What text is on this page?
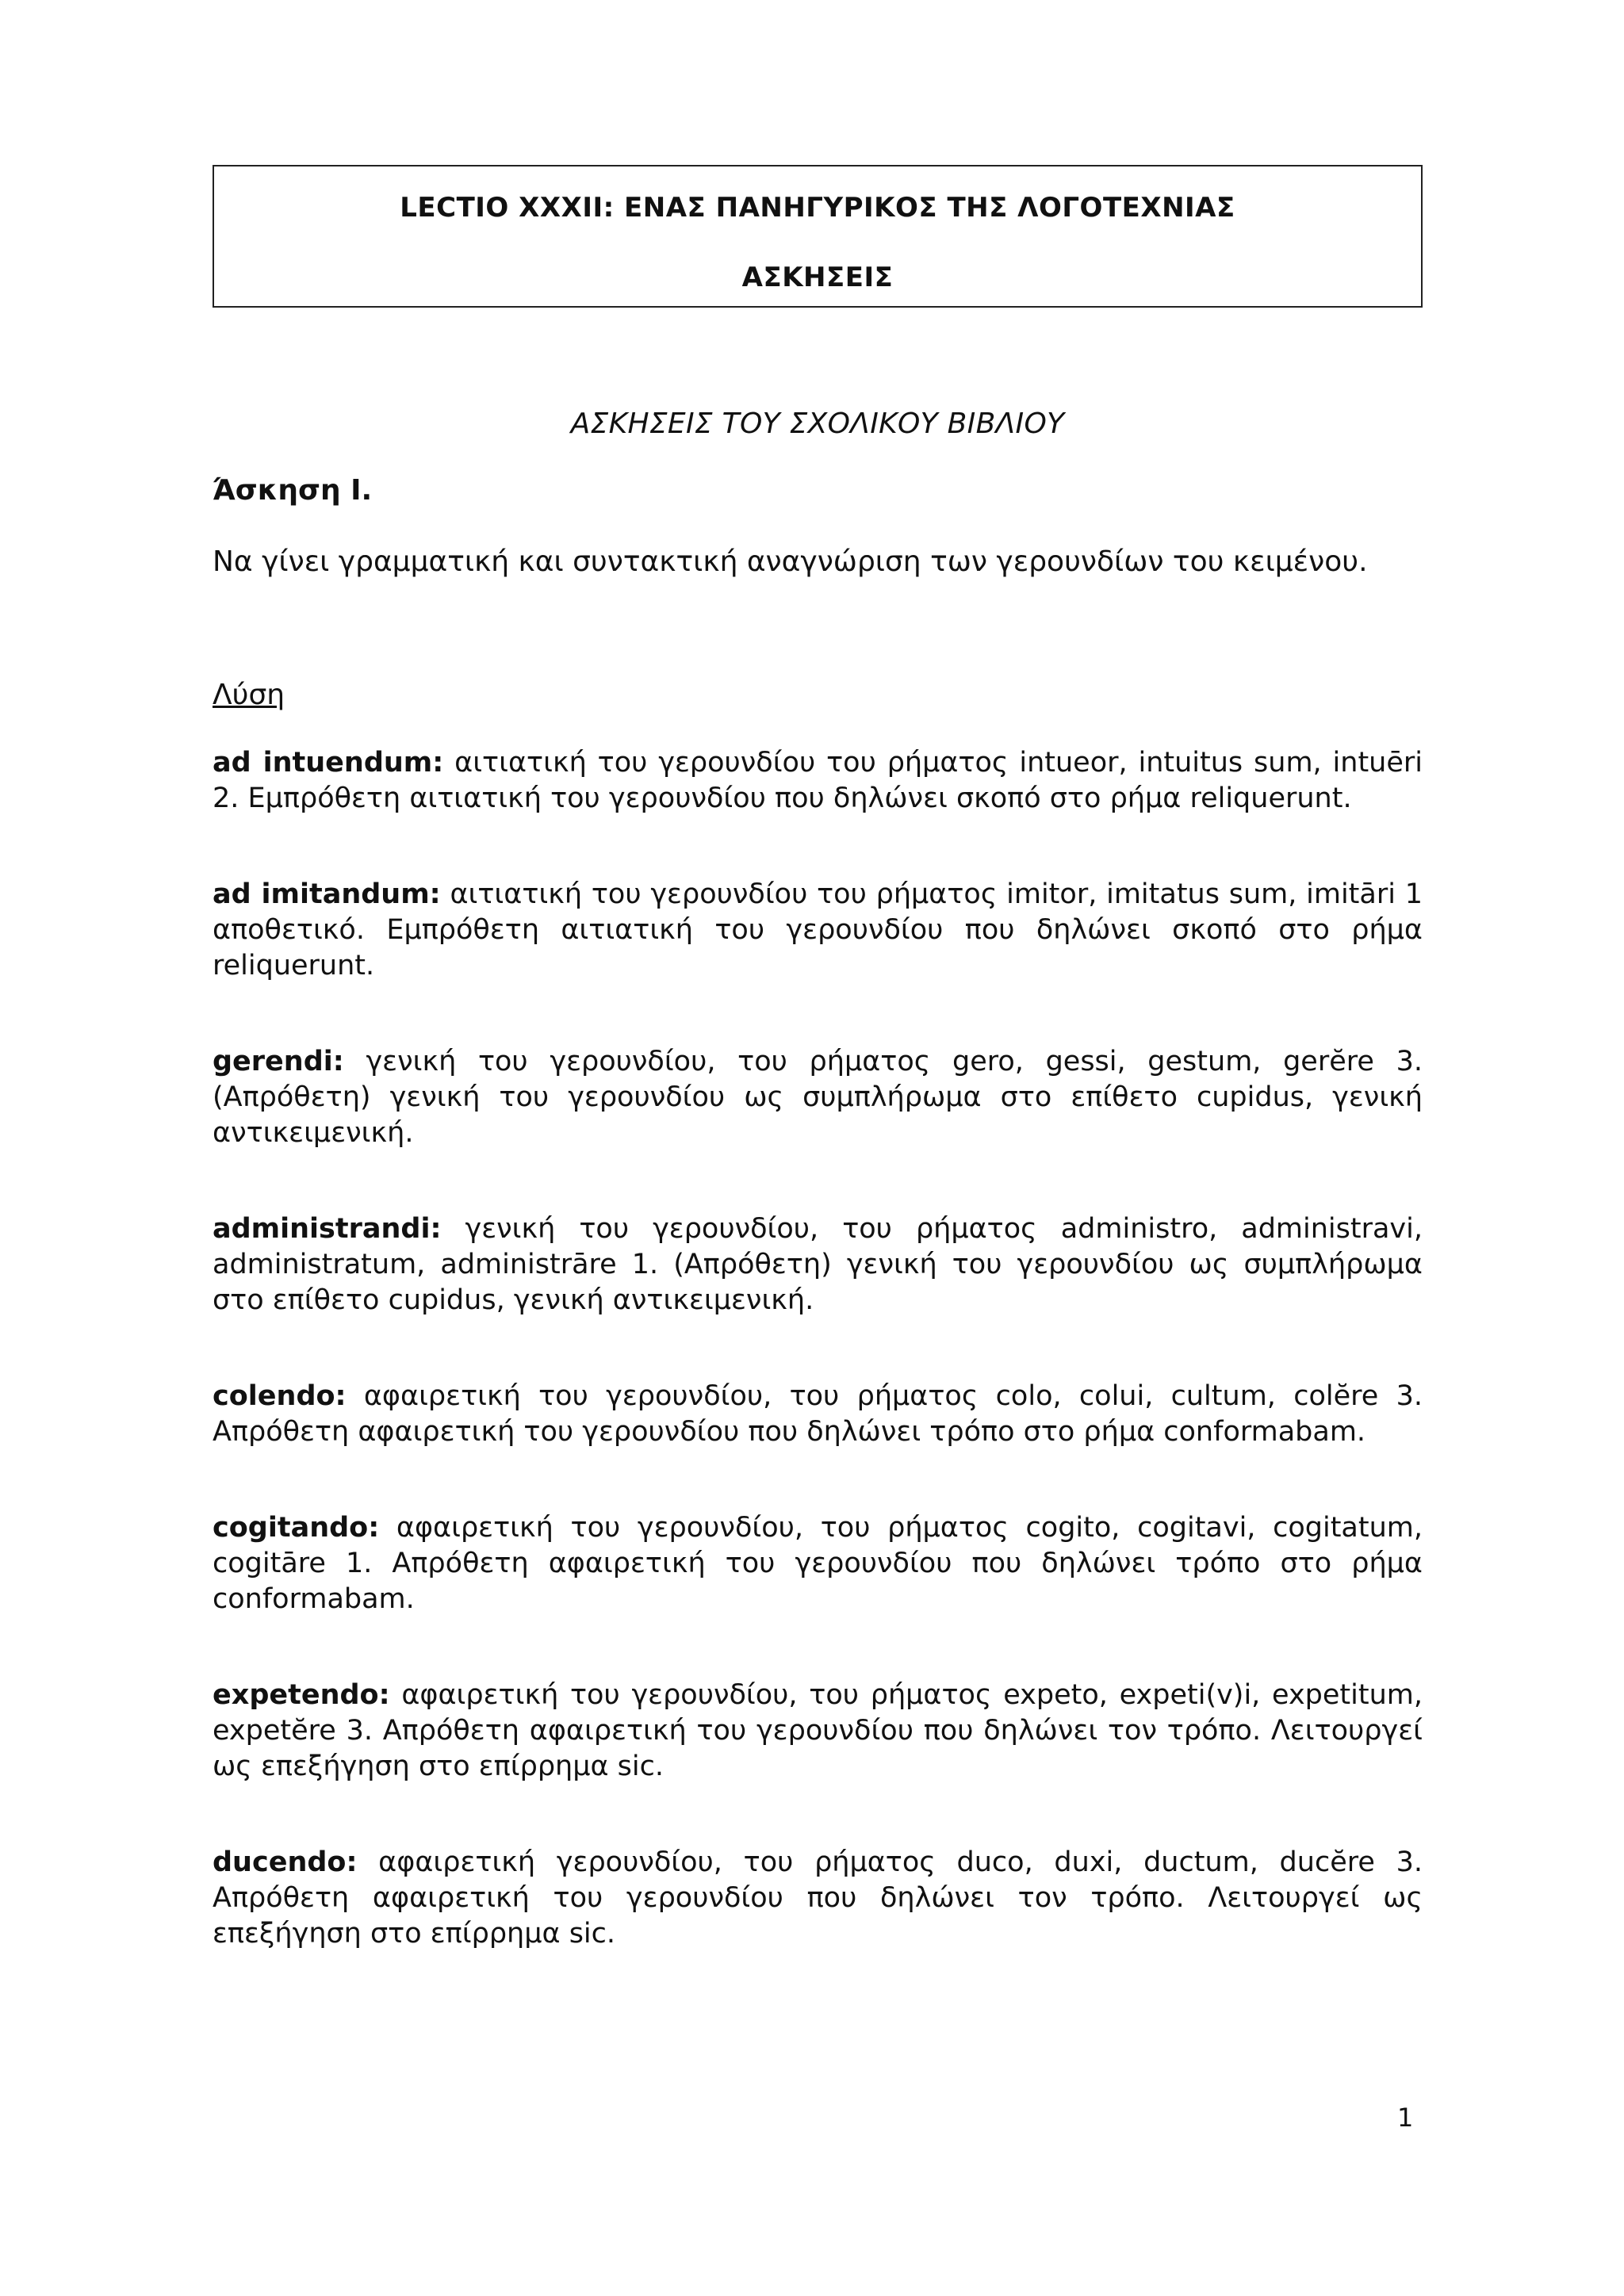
LECTIO XXXII: ΕΝΑΣ ΠΑΝΗΓΥΡΙΚΟΣ ΤΗΣ ΛΟΓΟΤΕΧΝΙΑΣ
ΑΣΚΗΣΕΙΣ
ΑΣΚΗΣΕΙΣ ΤΟΥ ΣΧΟΛΙΚΟΥ ΒΙΒΛΙΟΥ
Άσκηση Ι.
Να γίνει γραμματική και συντακτική αναγνώριση των γερουνδίων του κειμένου.
Λύση

ad intuendum: αιτιατική του γερουνδίου του ρήματος intueor, intuitus sum, intuēri 2. Εμπρόθετη αιτιατική του γερουνδίου που δηλώνει σκοπό στο ρήμα reliquerunt.

ad imitandum: αιτιατική του γερουνδίου του ρήματος imitor, imitatus sum, imitāri 1 αποθετικό. Εμπρόθετη αιτιατική του γερουνδίου που δηλώνει σκοπό στο ρήμα reliquerunt.

gerendi: γενική του γερουνδίου, του ρήματος gero, gessi, gestum, gerĕre 3. (Απρόθετη) γενική του γερουνδίου ως συμπλήρωμα στο επίθετο cupidus, γενική αντικειμενική.

administrandi: γενική του γερουνδίου, του ρήματος administro, administravi, administratum, administrāre 1. (Απρόθετη) γενική του γερουνδίου ως συμπλήρωμα στο επίθετο cupidus, γενική αντικειμενική.

colendo: αφαιρετική του γερουνδίου, του ρήματος colo, colui, cultum, colĕre 3. Απρόθετη αφαιρετική του γερουνδίου που δηλώνει τρόπο στο ρήμα conformabam.

cogitando: αφαιρετική του γερουνδίου, του ρήματος cogito, cogitavi, cogitatum, cogitāre 1. Απρόθετη αφαιρετική του γερουνδίου που δηλώνει τρόπο στο ρήμα conformabam.

expetendo: αφαιρετική του γερουνδίου, του ρήματος expeto, expeti(v)i, expetitum, expetĕre 3. Απρόθετη αφαιρετική του γερουνδίου που δηλώνει τον τρόπο. Λειτουργεί ως επεξήγηση στο επίρρημα sic.

ducendo: αφαιρετική γερουνδίου, του ρήματος duco, duxi, ductum, ducĕre 3. Απρόθετη αφαιρετική του γερουνδίου που δηλώνει τον τρόπο. Λειτουργεί ως επεξήγηση στο επίρρημα sic.

1
